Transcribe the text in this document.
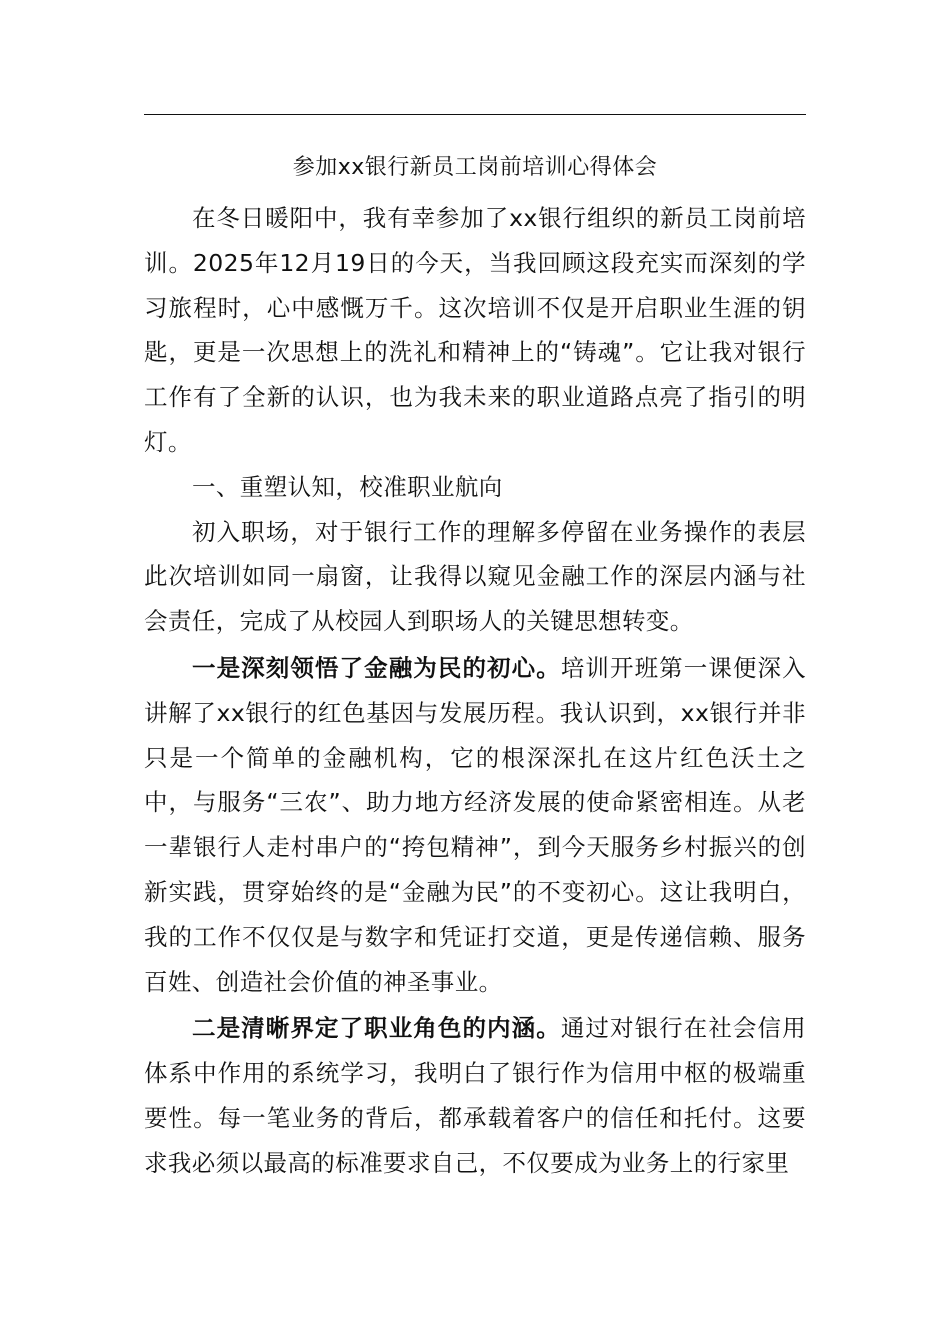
参加xx银行新员工岗前培训心得体会

在冬日暖阳中，我有幸参加了xx银行组织的新员工岗前培训。2025年12月19日的今天，当我回顾这段充实而深刻的学习旅程时，心中感慨万千。这次培训不仅是开启职业生涯的钥匙，更是一次思想上的洗礼和精神上的“铸魂”。它让我对银行工作有了全新的认识，也为我未来的职业道路点亮了指引的明灯。

一、重塑认知，校准职业航向

初入职场，对于银行工作的理解多停留在业务操作的表层此次培训如同一扇窗，让我得以窥见金融工作的深层内涵与社会责任，完成了从校园人到职场人的关键思想转变。

一是深刻领悟了金融为民的初心。培训开班第一课便深入讲解了xx银行的红色基因与发展历程。我认识到，xx银行并非只是一个简单的金融机构，它的根深深扎在这片红色沃土之中，与服务“三农”、助力地方经济发展的使命紧密相连。从老一辈银行人走村串户的“挎包精神”，到今天服务乡村振兴的创新实践，贯穿始终的是“金融为民”的不变初心。这让我明白，我的工作不仅仅是与数字和凭证打交道，更是传递信赖、服务百姓、创造社会价值的神圣事业。

二是清晰界定了职业角色的内涵。通过对银行在社会信用体系中作用的系统学习，我明白了银行作为信用中枢的极端重要性。每一笔业务的背后，都承载着客户的信任和托付。这要求我必须以最高的标准要求自己，不仅要成为业务上的行家里
